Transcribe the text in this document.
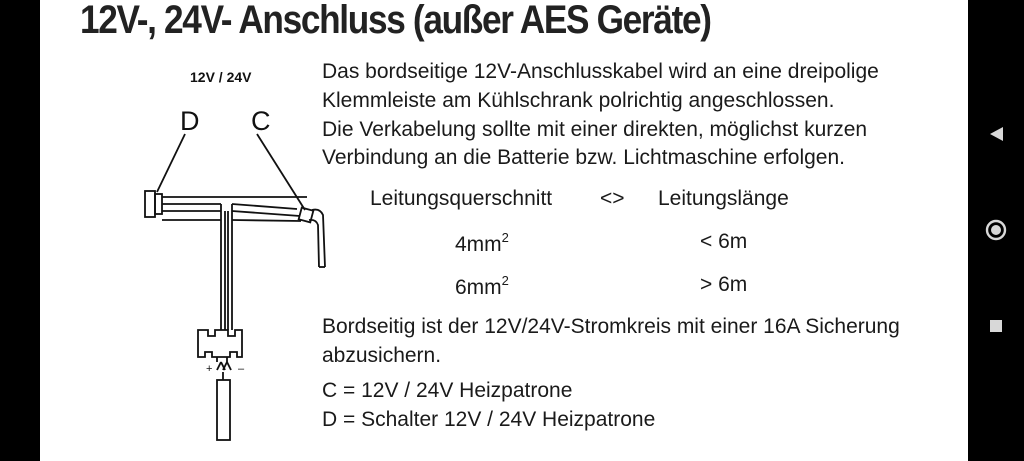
12V-, 24V- Anschluss (außer AES Geräte)
12V / 24V
D C
+ –
Das bordseitige 12V-Anschlusskabel wird an eine dreipolige
Klemmleiste am Kühlschrank polrichtig angeschlossen.
Die Verkabelung sollte mit einer direkten, möglichst kurzen
Verbindung an die Batterie bzw. Lichtmaschine erfolgen.
Leitungsquerschnitt <> Leitungslänge
$4mm^2$	< 6m
$6mm^2$	> 6m
Bordseitig ist der 12V/24V-Stromkreis mit einer 16A Sicherung
abzusichern.
C = 12V / 24V Heizpatrone
D = Schalter 12V / 24V Heizpatrone
